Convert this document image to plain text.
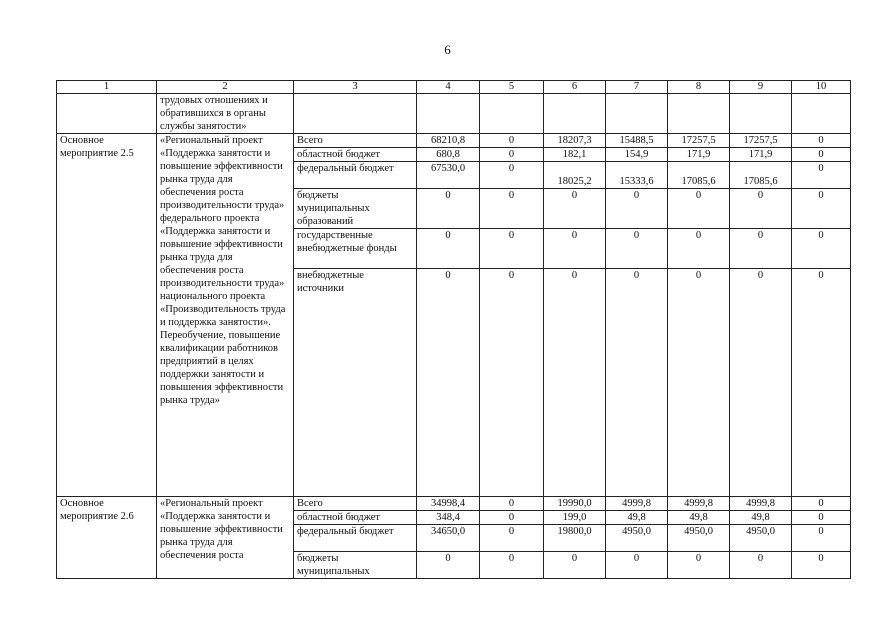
6
1	2	3	4	5	6	7	8	9	10
	трудовых отношениях и обратившихся в органы службы занятости»								
Основное мероприятие 2.5	«Региональный проект «Поддержка занятости и повышение эффективности рынка труда для обеспечения роста производительности труда» федерального проекта «Поддержка занятости и повышение эффективности рынка труда для обеспечения роста производительности труда» национального проекта «Производительность труда и поддержка занятости». Переобучение, повышение квалификации работников предприятий в целях поддержки занятости и повышения эффективности рынка труда»	Всего	68210,8	0	18207,3	15488,5	17257,5	17257,5	0
		областной бюджет	680,8	0	182,1	154,9	171,9	171,9	0
		федеральный бюджет	67530,0	0	18025,2	15333,6	17085,6	17085,6	0
		бюджеты муниципальных образований	0	0	0	0	0	0	0
		государственные внебюджетные фонды	0	0	0	0	0	0	0
		внебюджетные источники	0	0	0	0	0	0	0
Основное мероприятие 2.6	«Региональный проект «Поддержка занятости и повышение эффективности рынка труда для обеспечения роста	Всего	34998,4	0	19990,0	4999,8	4999,8	4999,8	0
		областной бюджет	348,4	0	199,0	49,8	49,8	49,8	0
		федеральный бюджет	34650,0	0	19800,0	4950,0	4950,0	4950,0	0
		бюджеты муниципальных	0	0	0	0	0	0	0
